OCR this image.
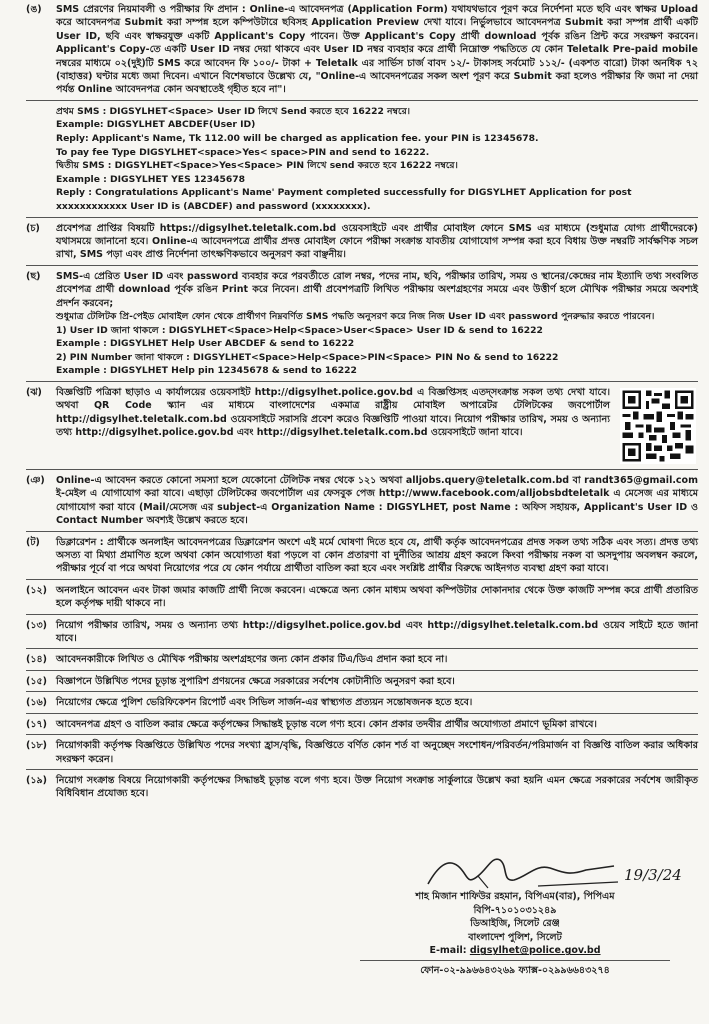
(ঙ)	SMS প্রেরণের নিয়মাবলী ও পরীক্ষার ফি প্রদান : Online-এ আবেদনপত্র (Application Form) যথাযথভাবে পূরণ করে নির্দেশনা মতে ছবি এবং স্বাক্ষর Upload করে আবেদনপত্র Submit করা সম্পন্ন হলে কম্পিউটারে ছবিসহ Application Preview দেখা যাবে। নির্ভুলভাবে আবেদনপত্র Submit করা সম্পন্ন প্রার্থী একটি User ID, ছবি এবং স্বাক্ষরযুক্ত একটি Applicant's Copy পাবেন। উক্ত Applicant's Copy প্রার্থী download পূর্বক রঙিন প্রিন্ট করে সংরক্ষণ করবেন। Applicant's Copy-তে একটি User ID নম্বর দেয়া থাকবে এবং User ID নম্বর ব্যবহার করে প্রার্থী নিম্নোক্ত পদ্ধতিতে যে কোন Teletalk Pre-paid mobile নম্বরের মাধ্যমে ০২(দুই)টি SMS করে আবেদন ফি ১০০/- টাকা + Teletalk এর সার্ভিস চার্জ বাবদ ১২/- টাকাসহ সর্বমোট ১১২/- (একশত বারো) টাকা অনধিক ৭২ (বাহাত্তর) ঘণ্টার মধ্যে জমা দিবেন। এখানে বিশেষভাবে উল্লেখ্য যে, "Online-এ আবেদনপত্রের সকল অংশ পূরণ করে Submit করা হলেও পরীক্ষার ফি জমা না দেয়া পর্যন্ত Online আবেদনপত্র কোন অবস্থাতেই গৃহীত হবে না"।

প্রথম SMS : DIGSYLHET<Space> User ID লিখে Send করতে হবে 16222 নম্বরে।

Example: DIGSYLHET ABCDEF(User ID)

Reply: Applicant's Name, Tk 112.00 will be charged as application fee. your PIN is 12345678.

To pay fee Type DIGSYLHET<space>Yes< space>PIN and send to 16222.

দ্বিতীয় SMS : DIGSYLHET<Space>Yes<Space> PIN লিখে send করতে হবে 16222 নম্বরে।

Example : DIGSYLHET YES 12345678

Reply : Congratulations Applicant's Name' Payment completed successfully for DIGSYLHET Application for post xxxxxxxxxxxx User ID is (ABCDEF) and password (xxxxxxxx).

(চ)	প্রবেশপত্র প্রাপ্তির বিষয়টি https://digsylhet.teletalk.com.bd ওয়েবসাইটে এবং প্রার্থীর মোবাইল ফোনে SMS এর মাধ্যমে (শুধুমাত্র যোগ্য প্রার্থীদেরকে) যথাসময়ে জানানো হবে। Online-এ আবেদনপত্রে প্রার্থীর প্রদত্ত মোবাইল ফোনে পরীক্ষা সংক্রান্ত যাবতীয় যোগাযোগ সম্পন্ন করা হবে বিধায় উক্ত নম্বরটি সার্বক্ষণিক সচল রাখা, SMS পড়া এবং প্রাপ্ত নির্দেশনা তাৎক্ষণিকভাবে অনুসরণ করা বাঞ্ছনীয়।

(ছ)	SMS-এ প্রেরিত User ID এবং password ব্যবহার করে পরবর্তীতে রোল নম্বর, পদের নাম, ছবি, পরীক্ষার তারিখ, সময় ও স্থানের/কেন্দ্রের নাম ইত্যাদি তথ্য সংবলিত প্রবেশপত্র প্রার্থী download পূর্বক রঙিন Print করে নিবেন। প্রার্থী প্রবেশপত্রটি লিখিত পরীক্ষায় অংশগ্রহণের সময়ে এবং উত্তীর্ণ হলে মৌখিক পরীক্ষার সময়ে অবশ্যই প্রদর্শন করবেন;

শুধুমাত্র টেলিটক প্রি-পেইড মোবাইল ফোন থেকে প্রার্থীগণ নিম্নবর্ণিত SMS পদ্ধতি অনুসরণ করে নিজ নিজ User ID এবং password পুনরুদ্ধার করতে পারবেন।

1) User ID জানা থাকলে : DIGSYLHET<Space>Help<Space>User<Space> User ID & send to 16222

Example : DIGSYLHET Help User ABCDEF & send to 16222

2) PIN Number জানা থাকলে : DIGSYLHET<Space>Help<Space>PIN<Space> PIN No & send to 16222

Example : DIGSYLHET Help pin 12345678 & send to 16222

(ঝ)	বিজ্ঞপ্তিটি পত্রিকা ছাড়াও এ কার্যালয়ের ওয়েবসাইট http://digsylhet.police.gov.bd এ বিজ্ঞপ্তিসহ এতদ্সংক্রান্ত সকল তথ্য দেখা যাবে। অথবা QR Code স্ক্যান এর মাধ্যমে বাংলাদেশের একমাত্র রাষ্ট্রীয় মোবাইল অপারেটর টেলিটকের জবপোর্টাল http://digsylhet.teletalk.com.bd ওয়েবসাইটে সরাসরি প্রবেশ করেও বিজ্ঞপ্তিটি পাওয়া যাবে। নিয়োগ পরীক্ষার তারিখ, সময় ও অন্যান্য তথ্য http://digsylhet.police.gov.bd এবং http://digsylhet.teletalk.com.bd ওয়েবসাইটে জানা যাবে।

(ঞ)	Online-এ আবেদন করতে কোনো সমস্যা হলে যেকোনো টেলিটক নম্বর থেকে ১২১ অথবা alljobs.query@teletalk.com.bd বা randt365@gmail.com ই-মেইল এ যোগাযোগ করা যাবে। এছাড়া টেলিটকের জবপোর্টাল এর ফেসবুক পেজ http://www.facebook.com/alljobsbdteletalk এ মেসেজ এর মাধ্যমে যোগাযোগ করা যাবে (Mail/মেসেজ এর subject-এ Organization Name : DIGSYLHET, post Name : অফিস সহায়ক, Applicant's User ID ও Contact Number অবশ্যই উল্লেখ করতে হবে।

(ট)	ডিক্লারেশন : প্রার্থীকে অনলাইন আবেদনপত্রের ডিক্লারেশন অংশে এই মর্মে ঘোষণা দিতে হবে যে, প্রার্থী কর্তৃক আবেদনপত্রের প্রদত্ত সকল তথ্য সঠিক এবং সত্য। প্রদত্ত তথ্য অসত্য বা মিথ্যা প্রমাণিত হলে অথবা কোন অযোগ্যতা ধরা পড়লে বা কোন প্রতারণা বা দুর্নীতির আশ্রয় গ্রহণ করলে কিংবা পরীক্ষায় নকল বা অসদুপায় অবলম্বন করলে, পরীক্ষার পূর্বে বা পরে অথবা নিয়োগের পরে যে কোন পর্যায়ে প্রার্থীতা বাতিল করা হবে এবং সংশ্লিষ্ট প্রার্থীর বিরুদ্ধে আইনগত ব্যবস্থা গ্রহণ করা যাবে।

(১২) অনলাইনে আবেদন এবং টাকা জমার কাজটি প্রার্থী নিজে করবেন। এক্ষেত্রে অন্য কোন মাধ্যম অথবা কম্পিউটার দোকানদার থেকে উক্ত কাজটি সম্পন্ন করে প্রার্থী প্রতারিত হলে কর্তৃপক্ষ দায়ী থাকবে না।

(১৩) নিয়োগ পরীক্ষার তারিখ, সময় ও অন্যান্য তথ্য http://digsylhet.police.gov.bd এবং http://digsylhet.teletalk.com.bd ওয়েব সাইটে হতে জানা যাবে।

(১৪) আবেদনকারীকে লিখিত ও মৌখিক পরীক্ষায় অংশগ্রহণের জন্য কোন প্রকার টিএ/ডিএ প্রদান করা হবে না।

(১৫) বিজ্ঞাপনে উল্লিখিত পদের চূড়ান্ত সুপারিশ প্রণয়নের ক্ষেত্রে সরকারের সর্বশেষ কোটানীতি অনুসরণ করা হবে।

(১৬) নিয়োগের ক্ষেত্রে পুলিশ ভেরিফিকেশন রিপোর্ট এবং সিভিল সার্জন-এর স্বাস্থ্যগত প্রত্যয়ন সন্তোষজনক হতে হবে।

(১৭) আবেদনপত্র গ্রহণ ও বাতিল করার ক্ষেত্রে কর্তৃপক্ষের সিদ্ধান্তই চূড়ান্ত বলে গণ্য হবে। কোন প্রকার তদবীর প্রার্থীর অযোগ্যতা প্রমাণে ভূমিকা রাখবে।

(১৮) নিয়োগকারী কর্তৃপক্ষ বিজ্ঞপ্তিতে উল্লিখিত পদের সংখ্যা হ্রাস/বৃদ্ধি, বিজ্ঞপ্তিতে বর্ণিত কোন শর্ত বা অনুচ্ছেদ সংশোধন/পরিবর্তন/পরিমার্জন বা বিজ্ঞপ্তি বাতিল করার অধিকার সংরক্ষণ করেন।

(১৯) নিয়োগ সংক্রান্ত বিষয়ে নিয়োগকারী কর্তৃপক্ষের সিদ্ধান্তই চূড়ান্ত বলে গণ্য হবে। উক্ত নিয়োগ সংক্রান্ত সার্কুলারে উল্লেখ করা হয়নি এমন ক্ষেত্রে সরকারের সর্বশেষ জারীকৃত বিধিবিধান প্রযোজ্য হবে।

19/3/24

শাহ মিজান শাফিউর রহমান, বিপিএম(বার), পিপিএম

বিপি-৭১০১০৩১২৪৯

ডিআইজি, সিলেট রেঞ্জ

বাংলাদেশ পুলিশ, সিলেট

E-mail: digsylhet@police.gov.bd

ফোন-০২-৯৯৬৬৪৩২৬৯ ফ্যাক্স-০২৯৯৬৬৪৩২৭৪
